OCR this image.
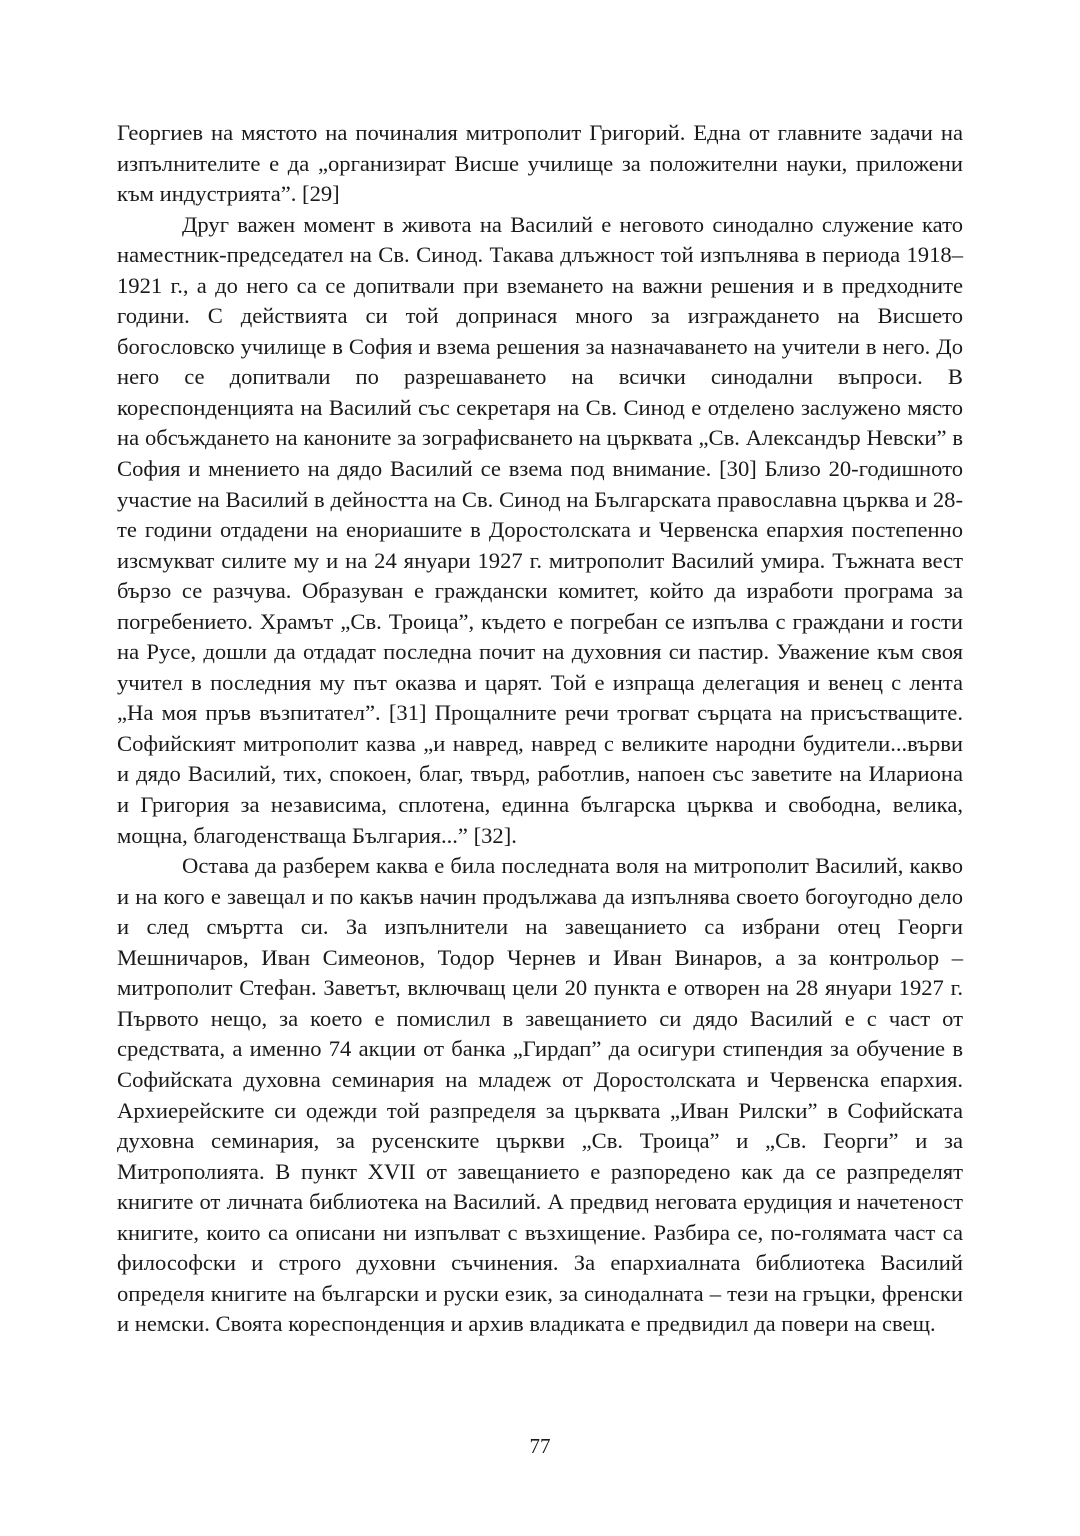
Георгиев на мястото на починалия митрополит Григорий. Една от главните задачи на изпълнителите е да „организират Висше училище за положителни науки, приложени към индустрията”. [29]

Друг важен момент в живота на Василий е неговото синодално служение като наместник-председател на Св. Синод. Такава длъжност той изпълнява в периода 1918–1921 г., а до него са се допитвали при вземането на важни решения и в предходните години. С действията си той допринася много за изграждането на Висшето богословско училище в София и взема решения за назначаването на учители в него. До него се допитвали по разрешаването на всички синодални въпроси. В кореспонденцията на Василий със секретаря на Св. Синод е отделено заслужено място на обсъждането на каноните за зографисването на църквата „Св. Александър Невски” в София и мнението на дядо Василий се взема под внимание. [30] Близо 20-годишното участие на Василий в дейността на Св. Синод на Българската православна църква и 28-те години отдадени на енориашите в Доростолската и Червенска епархия постепенно изсмукват силите му и на 24 януари 1927 г. митрополит Василий умира. Тъжната вест бързо се разчува. Образуван е граждански комитет, който да изработи програма за погребението. Храмът „Св. Троица”, където е погребан се изпълва с граждани и гости на Русе, дошли да отдадат последна почит на духовния си пастир. Уважение към своя учител в последния му път оказва и царят. Той е изпраща делегация и венец с лента „На моя пръв възпитател”. [31] Прощалните речи трогват сърцата на присъстващите. Софийският митрополит казва „и навред, навред с великите народни будители...върви и дядо Василий, тих, спокоен, благ, твърд, работлив, напоен със заветите на Илариона и Григория за независима, сплотена, единна българска църква и свободна, велика, мощна, благоденстваща България...” [32].

Остава да разберем каква е била последната воля на митрополит Василий, какво и на кого е завещал и по какъв начин продължава да изпълнява своето богоугодно дело и след смъртта си. За изпълнители на завещанието са избрани отец Георги Мешничаров, Иван Симеонов, Тодор Чернев и Иван Винаров, а за контрольор – митрополит Стефан. Заветът, включващ цели 20 пункта е отворен на 28 януари 1927 г. Първото нещо, за което е помислил в завещанието си дядо Василий е с част от средствата, а именно 74 акции от банка „Гирдап” да осигури стипендия за обучение в Софийската духовна семинария на младеж от Доростолската и Червенска епархия. Архиерейските си одежди той разпределя за църквата „Иван Рилски” в Софийската духовна семинария, за русенските църкви „Св. Троица” и „Св. Георги” и за Митрополията. В пункт XVII от завещанието е разпоредено как да се разпределят книгите от личната библиотека на Василий. А предвид неговата ерудиция и начетеност книгите, които са описани ни изпълват с възхищение. Разбира се, по-голямата част са философски и строго духовни съчинения. За епархиалната библиотека Василий определя книгите на български и руски език, за синодалната – тези на гръцки, френски и немски. Своята кореспонденция и архив владиката е предвидил да повери на свещ.

77
